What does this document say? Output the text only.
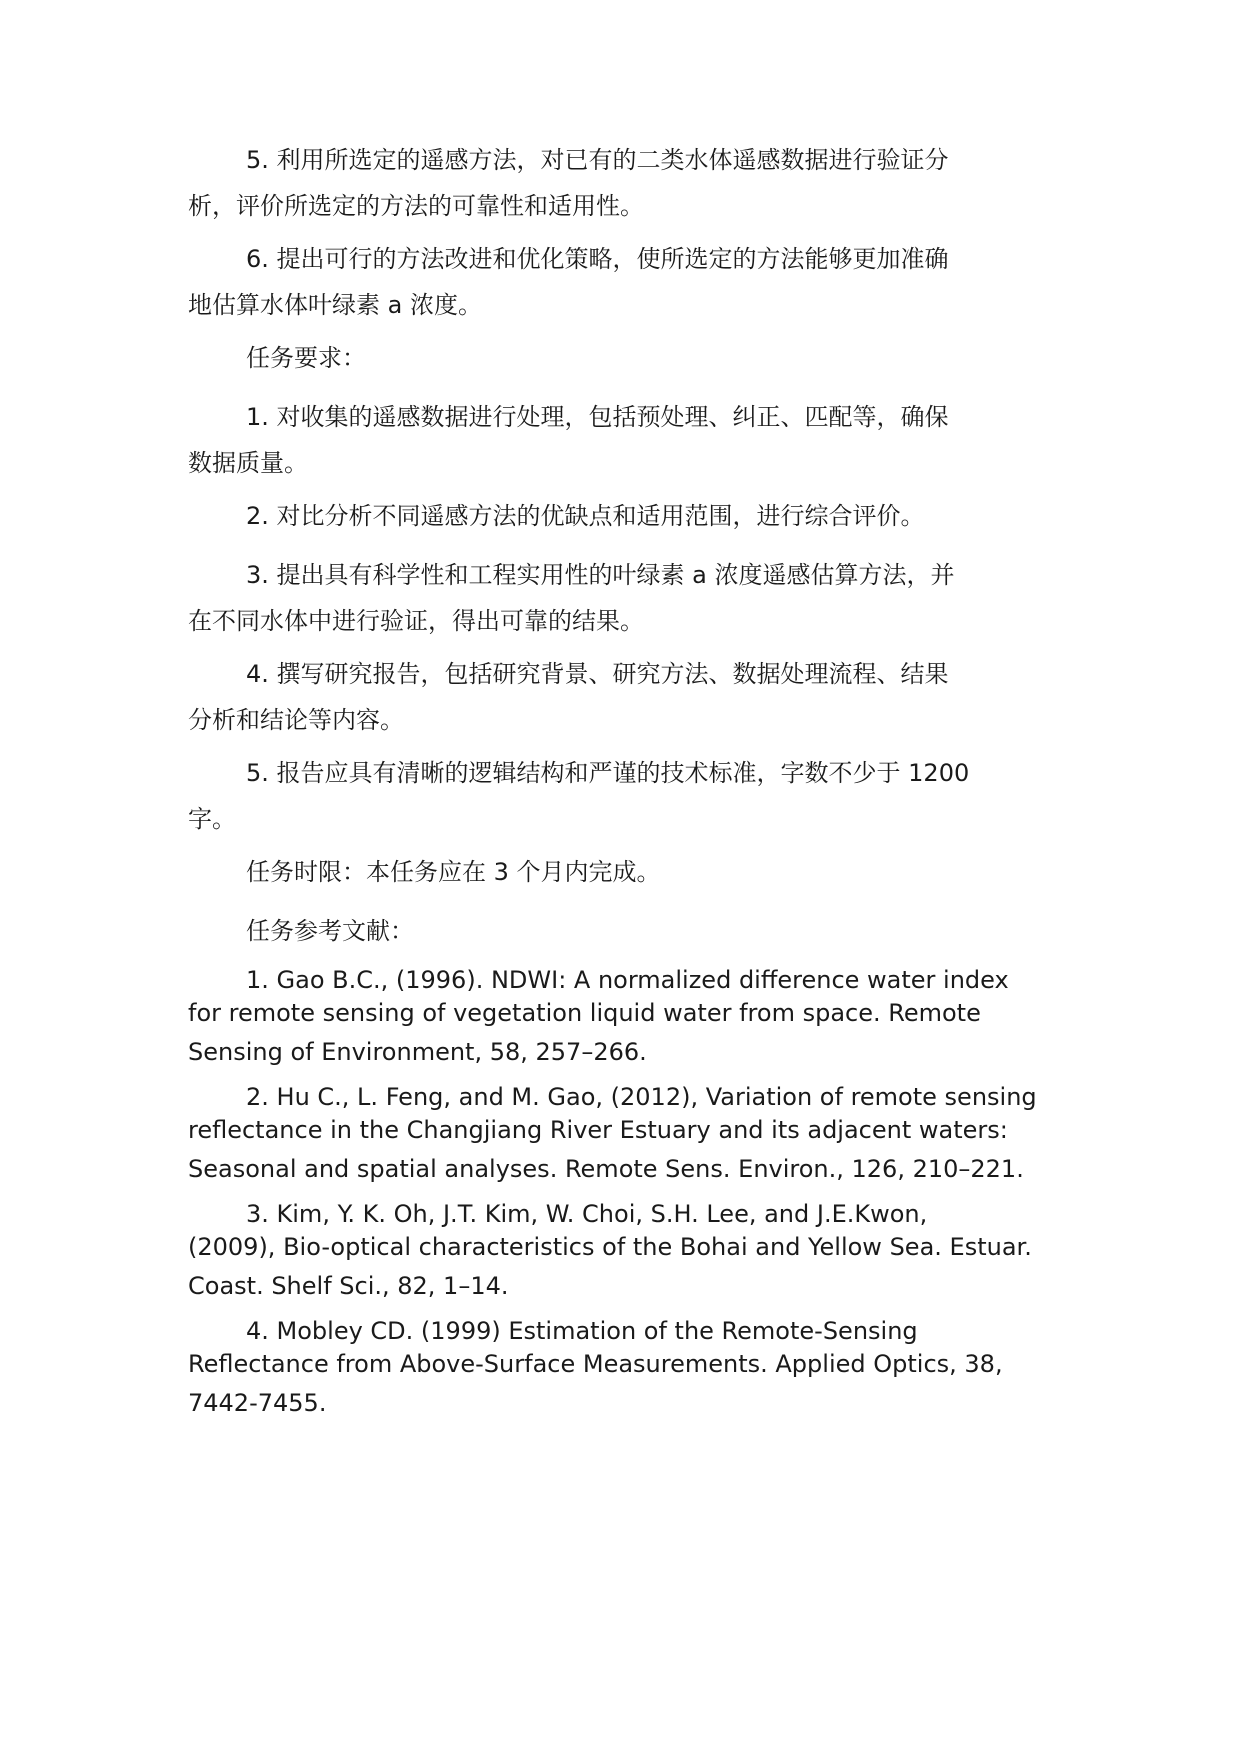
5. 利用所选定的遥感方法，对已有的二类水体遥感数据进行验证分
析，评价所选定的方法的可靠性和适用性。

6. 提出可行的方法改进和优化策略，使所选定的方法能够更加准确
地估算水体叶绿素 a 浓度。

任务要求：

1. 对收集的遥感数据进行处理，包括预处理、纠正、匹配等，确保
数据质量。

2. 对比分析不同遥感方法的优缺点和适用范围，进行综合评价。

3. 提出具有科学性和工程实用性的叶绿素 a 浓度遥感估算方法，并
在不同水体中进行验证，得出可靠的结果。

4. 撰写研究报告，包括研究背景、研究方法、数据处理流程、结果
分析和结论等内容。

5. 报告应具有清晰的逻辑结构和严谨的技术标准，字数不少于 1200
字。

任务时限：本任务应在 3 个月内完成。

任务参考文献：

1. Gao B.C., (1996). NDWI: A normalized difference water index
for remote sensing of vegetation liquid water from space. Remote
Sensing of Environment, 58, 257–266.

2. Hu C., L. Feng, and M. Gao, (2012), Variation of remote sensing
reflectance in the Changjiang River Estuary and its adjacent waters:
Seasonal and spatial analyses. Remote Sens. Environ., 126, 210–221.

3. Kim, Y. K. Oh, J.T. Kim, W. Choi, S.H. Lee, and J.E.Kwon,
(2009), Bio-optical characteristics of the Bohai and Yellow Sea. Estuar.
Coast. Shelf Sci., 82, 1–14.

4. Mobley CD. (1999) Estimation of the Remote-Sensing
Reflectance from Above-Surface Measurements. Applied Optics, 38,
7442-7455.
